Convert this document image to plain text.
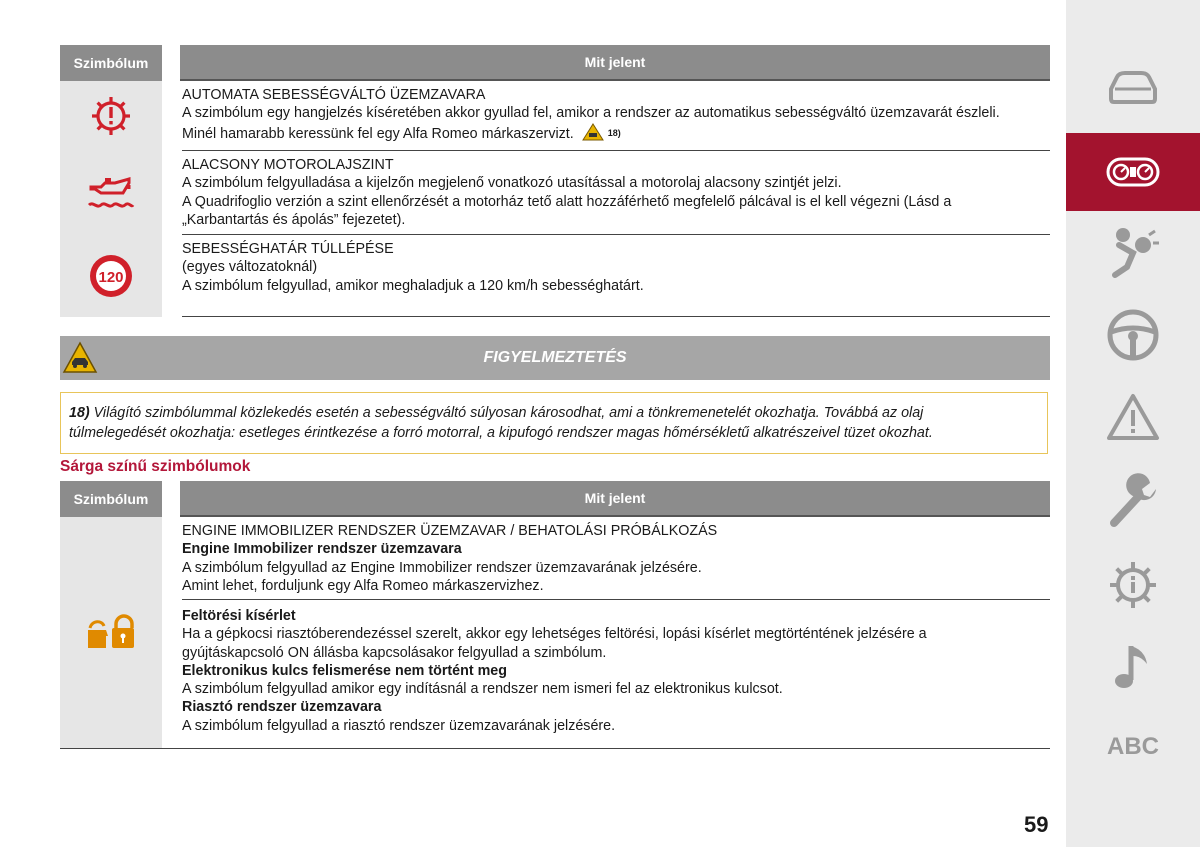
Szimbólum	Mit jelent
AUTOMATA SEBESSÉGVÁLTÓ ÜZEMZAVARA
A szimbólum egy hangjelzés kíséretében akkor gyullad fel, amikor a rendszer az automatikus sebességváltó üzemzavarát észleli.
Minél hamarabb keressünk fel egy Alfa Romeo márkaszervizt.	18)
ALACSONY MOTOROLAJSZINT
A szimbólum felgyulladása a kijelzőn megjelenő vonatkozó utasítással a motorolaj alacsony szintjét jelzi.
A Quadrifoglio verzión a szint ellenőrzését a motorház tető alatt hozzáférhető megfelelő pálcával is el kell végezni (Lásd a
„Karbantartás és ápolás” fejezetet).
120
SEBESSÉGHATÁR TÚLLÉPÉSE
(egyes változatoknál)
A szimbólum felgyullad, amikor meghaladjuk a 120 km/h sebességhatárt.
FIGYELMEZTETÉS
18) Világító szimbólummal közlekedés esetén a sebességváltó súlyosan károsodhat, ami a tönkremenetelét okozhatja. Továbbá az olaj
túlmelegedését okozhatja: esetleges érintkezése a forró motorral, a kipufogó rendszer magas hőmérsékletű alkatrészeivel tüzet okozhat.
Sárga színű szimbólumok
Szimbólum	Mit jelent
ENGINE IMMOBILIZER RENDSZER ÜZEMZAVAR / BEHATOLÁSI PRÓBÁLKOZÁS
Engine Immobilizer rendszer üzemzavara
A szimbólum felgyullad az Engine Immobilizer rendszer üzemzavarának jelzésére.
Amint lehet, forduljunk egy Alfa Romeo márkaszervizhez.
Feltörési kísérlet
Ha a gépkocsi riasztóberendezéssel szerelt, akkor egy lehetséges feltörési, lopási kísérlet megtörténtének jelzésére a
gyújtáskapcsoló ON állásba kapcsolásakor felgyullad a szimbólum.
Elektronikus kulcs felismerése nem történt meg
A szimbólum felgyullad amikor egy indításnál a rendszer nem ismeri fel az elektronikus kulcsot.
Riasztó rendszer üzemzavara
A szimbólum felgyullad a riasztó rendszer üzemzavarának jelzésére.
ABC
59
